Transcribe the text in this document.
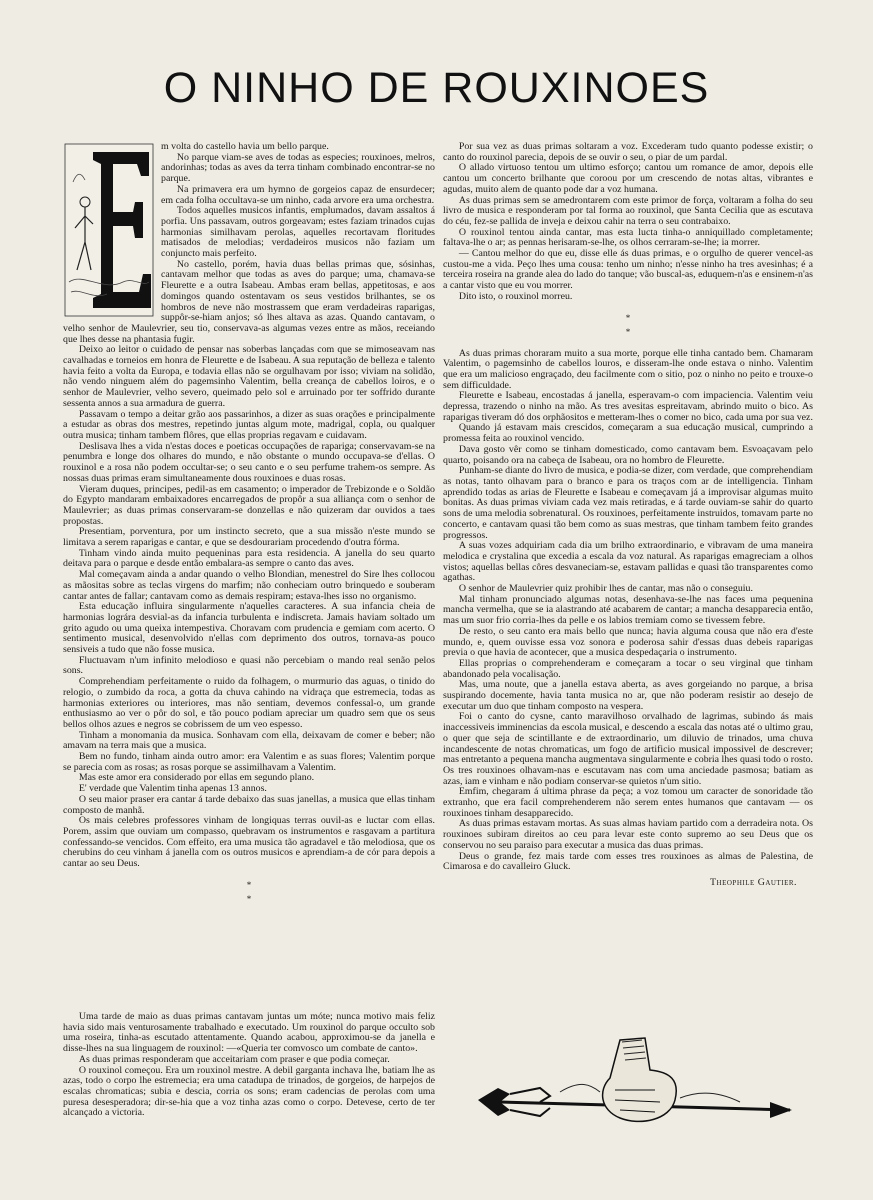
O NINHO DE ROUXINOES

m volta do castello havia um bello parque.

No parque viam-se aves de todas as especies; rouxinoes, melros, andorinhas; todas as aves da terra tinham combinado encontrar-se no parque.

Na primavera era um hymno de gorgeios capaz de ensurdecer; em cada folha occultava-se um ninho, cada arvore era uma orchestra.

Todos aquelles musicos infantis, emplumados, davam assaltos á porfia. Uns passavam, outros gorgeavam; estes faziam trinados cujas harmonias similhavam perolas, aquelles recortavam floritudes matisados de melodias; verdadeiros musicos não faziam um conjuncto mais perfeito.

No castello, porém, havia duas bellas primas que, sósinhas, cantavam melhor que todas as aves do parque; uma, chamava-se Fleurette e a outra Isabeau. Ambas eram bellas, appetitosas, e aos domingos quando ostentavam os seus vestidos brilhantes, se os hombros de neve não mostrassem que eram verdadeiras raparigas, suppôr-se-hiam anjos; só lhes altava as azas. Quando cantavam, o velho senhor de Maulevrier, seu tio, conservava-as algumas vezes entre as mãos, receiando que lhes desse na phantasia fugir.

Deixo ao leitor o cuidado de pensar nas soberbas lançadas com que se mimoseavam nas cavalhadas e torneios em honra de Fleurette e de Isabeau. A sua reputação de belleza e talento havia feito a volta da Europa, e todavia ellas não se orgulhavam por isso; viviam na solidão, não vendo ninguem além do pagemsinho Valentim, bella creança de cabellos loiros, e o senhor de Maulevrier, velho severo, queimado pelo sol e arruinado por ter soffrido durante sessenta annos a sua armadura de guerra.

Passavam o tempo a deitar grão aos passarinhos, a dizer as suas orações e principalmente a estudar as obras dos mestres, repetindo juntas algum mote, madrigal, copla, ou qualquer outra musica; tinham tambem flôres, que ellas proprias regavam e cuidavam.

Deslisava lhes a vida n'estas doces e poeticas occupações de rapariga; conservavam-se na penumbra e longe dos olhares do mundo, e não obstante o mundo occupava-se d'ellas. O rouxinol e a rosa não podem occultar-se; o seu canto e o seu perfume trahem-os sempre. As nossas duas primas eram simultaneamente dous rouxinoes e duas rosas.

Vieram duques, principes, pedil-as em casamento; o imperador de Trebizonde e o Soldão do Egypto mandaram embaixadores encarregados de propôr a sua alliança com o senhor de Maulevrier; as duas primas conservaram-se donzellas e não quizeram dar ouvidos a taes propostas.

Presentiam, porventura, por um instincto secreto, que a sua missão n'este mundo se limitava a serem raparigas e cantar, e que se desdourariam procedendo d'outra fórma.

Tinham vindo ainda muito pequeninas para esta residencia. A janella do seu quarto deitava para o parque e desde então embalara-as sempre o canto das aves.

Mal começavam ainda a andar quando o velho Blondian, menestrel do Sire lhes collocou as mãositas sobre as teclas virgens do marfim; não conheciam outro brinquedo e souberam cantar antes de fallar; cantavam como as demais respiram; estava-lhes isso no organismo.

Esta educação influira singularmente n'aquelles caracteres. A sua infancia cheia de harmonias lográra desvial-as da infancia turbulenta e indiscreta. Jamais haviam soltado um grito agudo ou uma queixa intempestiva. Choravam com prudencia e gemiam com acerto. O sentimento musical, desenvolvido n'ellas com deprimento dos outros, tornava-as pouco sensiveis a tudo que não fosse musica.

Fluctuavam n'um infinito melodioso e quasi não percebiam o mando real senão pelos sons.

Comprehendiam perfeitamente o ruido da folhagem, o murmurio das aguas, o tinido do relogio, o zumbido da roca, a gotta da chuva cahindo na vidraça que estremecia, todas as harmonias exteriores ou interiores, mas não sentiam, devemos confessal-o, um grande enthusiasmo ao ver o pôr do sol, e tão pouco podiam apreciar um quadro sem que os seus bellos olhos azues e negros se cobrissem de um veo espesso.

Tinham a monomania da musica. Sonhavam com ella, deixavam de comer e beber; não amavam na terra mais que a musica.

Bem no fundo, tinham ainda outro amor: era Valentim e as suas flores; Valentim porque se parecia com as rosas; as rosas porque se assimilhavam a Valentim.

Mas este amor era considerado por ellas em segundo plano.

E' verdade que Valentim tinha apenas 13 annos.

O seu maior praser era cantar á tarde debaixo das suas janellas, a musica que ellas tinham composto de manhã.

Os mais celebres professores vinham de longiquas terras ouvil-as e luctar com ellas. Porem, assim que ouviam um compasso, quebravam os instrumentos e rasgavam a partitura confessando-se vencidos. Com effeito, era uma musica tão agradavel e tão melodiosa, que os cherubins do ceu vinham á janella com os outros musicos e aprendiam-a de cór para depois a cantar ao seu Deus.

*
*

Uma tarde de maio as duas primas cantavam juntas um móte; nunca motivo mais feliz havia sido mais venturosamente trabalhado e executado. Um rouxinol do parque occulto sob uma roseira, tinha-as escutado attentamente. Quando acabou, approximou-se da janella e disse-lhes na sua linguagem de rouxinol: —«Queria ter comvosco um combate de canto».

As duas primas responderam que acceitariam com praser e que podia começar.

O rouxinol começou. Era um rouxinol mestre. A debil garganta inchava lhe, batiam lhe as azas, todo o corpo lhe estremecia; era uma catadupa de trinados, de gorgeios, de harpejos de escalas chromaticas; subia e descia, corria os sons; eram cadencias de perolas com uma puresa desesperadora; dir-se-hia que a voz tinha azas como o corpo. Detevese, certo de ter alcançado a victoria.

Por sua vez as duas primas soltaram a voz. Excederam tudo quanto podesse existir; o canto do rouxinol parecia, depois de se ouvir o seu, o piar de um pardal.

O allado virtuoso tentou um ultimo esforço; cantou um romance de amor, depois elle cantou um concerto brilhante que coroou por um crescendo de notas altas, vibrantes e agudas, muito alem de quanto pode dar a voz humana.

As duas primas sem se amedrontarem com este primor de força, voltaram a folha do seu livro de musica e responderam por tal forma ao rouxinol, que Santa Cecilia que as escutava do céu, fez-se pallida de inveja e deixou cahir na terra o seu contrabaixo.

O rouxinol tentou ainda cantar, mas esta lucta tinha-o anniquillado completamente; faltava-lhe o ar; as pennas herisaram-se-lhe, os olhos cerraram-se-lhe; ia morrer.

— Cantou melhor do que eu, disse elle ás duas primas, e o orgulho de querer vencel-as custou-me a vida. Peço lhes uma cousa: tenho um ninho; n'esse ninho ha tres avesinhas; é a terceira roseira na grande alea do lado do tanque; vão buscal-as, eduquem-n'as e ensinem-n'as a cantar visto que eu vou morrer.

Dito isto, o rouxinol morreu.

*
*

As duas primas choraram muito a sua morte, porque elle tinha cantado bem. Chamaram Valentim, o pagemsinho de cabellos louros, e disseram-lhe onde estava o ninho. Valentim que era um malicioso engraçado, deu facilmente com o sitio, poz o ninho no peito e trouxe-o sem difficuldade.

Fleurette e Isabeau, encostadas á janella, esperavam-o com impaciencia. Valentim veiu depressa, trazendo o ninho na mão. As tres avesitas espreitavam, abrindo muito o bico. As raparigas tiveram dó dos orphãositos e metteram-lhes o comer no bico, cada uma por sua vez.

Quando já estavam mais crescidos, começaram a sua educação musical, cumprindo a promessa feita ao rouxinol vencido.

Dava gosto vêr como se tinham domesticado, como cantavam bem. Esvoaçavam pelo quarto, poisando ora na cabeça de Isabeau, ora no hombro de Fleurette.

Punham-se diante do livro de musica, e podia-se dizer, com verdade, que comprehendiam as notas, tanto olhavam para o branco e para os traços com ar de intelligencia. Tinham aprendido todas as arias de Fleurette e Isabeau e começavam já a improvisar algumas muito bonitas. As duas primas viviam cada vez mais retiradas, e á tarde ouviam-se sahir do quarto sons de uma melodia sobrenatural. Os rouxinoes, perfeitamente instruidos, tomavam parte no concerto, e cantavam quasi tão bem como as suas mestras, que tinham tambem feito grandes progressos.

A suas vozes adquiriam cada dia um brilho extraordinario, e vibravam de uma maneira melodica e crystalina que excedia a escala da voz natural. As raparigas emagreciam a olhos vistos; aquellas bellas côres desvaneciam-se, estavam pallidas e quasi tão transparentes como agathas.

O senhor de Maulevrier quiz prohibir lhes de cantar, mas não o conseguiu.

Mal tinham pronunciado algumas notas, desenhava-se-lhe nas faces uma pequenina mancha vermelha, que se ia alastrando até acabarem de cantar; a mancha desapparecia então, mas um suor frio corria-lhes da pelle e os labios tremiam como se tivessem febre.

De resto, o seu canto era mais bello que nunca; havia alguma cousa que não era d'este mundo, e, quem ouvisse essa voz sonora e poderosa sahir d'essas duas debeis raparigas previa o que havia de acontecer, que a musica despedaçaria o instrumento.

Ellas proprias o comprehenderam e começaram a tocar o seu virginal que tinham abandonado pela vocalisação.

Mas, uma noute, que a janella estava aberta, as aves gorgeiando no parque, a brisa suspirando docemente, havia tanta musica no ar, que não poderam resistir ao desejo de executar um duo que tinham composto na vespera.

Foi o canto do cysne, canto maravilhoso orvalhado de lagrimas, subindo ás mais inaccessiveis imminencias da escola musical, e descendo a escala das notas até o ultimo grau, o quer que seja de scintillante e de extraordinario, um diluvio de trinados, uma chuva incandescente de notas chromaticas, um fogo de artificio musical impossivel de descrever; mas entretanto a pequena mancha augmentava singularmente e cobria lhes quasi todo o rosto. Os tres rouxinoes olhavam-nas e escutavam nas com uma anciedade pasmosa; batiam as azas, iam e vinham e não podiam conservar-se quietos n'um sitio.

Emfim, chegaram á ultima phrase da peça; a voz tomou um caracter de sonoridade tão extranho, que era facil comprehenderem não serem entes humanos que cantavam — os rouxinoes tinham desapparecido.

As duas primas estavam mortas. As suas almas haviam partido com a derradeira nota. Os rouxinoes subiram direitos ao ceu para levar este conto supremo ao seu Deus que os conservou no seu paraiso para executar a musica das duas primas.

Deus o grande, fez mais tarde com esses tres rouxinoes as almas de Palestina, de Cimarosa e do cavalleiro Gluck.

Theophile Gautier.
